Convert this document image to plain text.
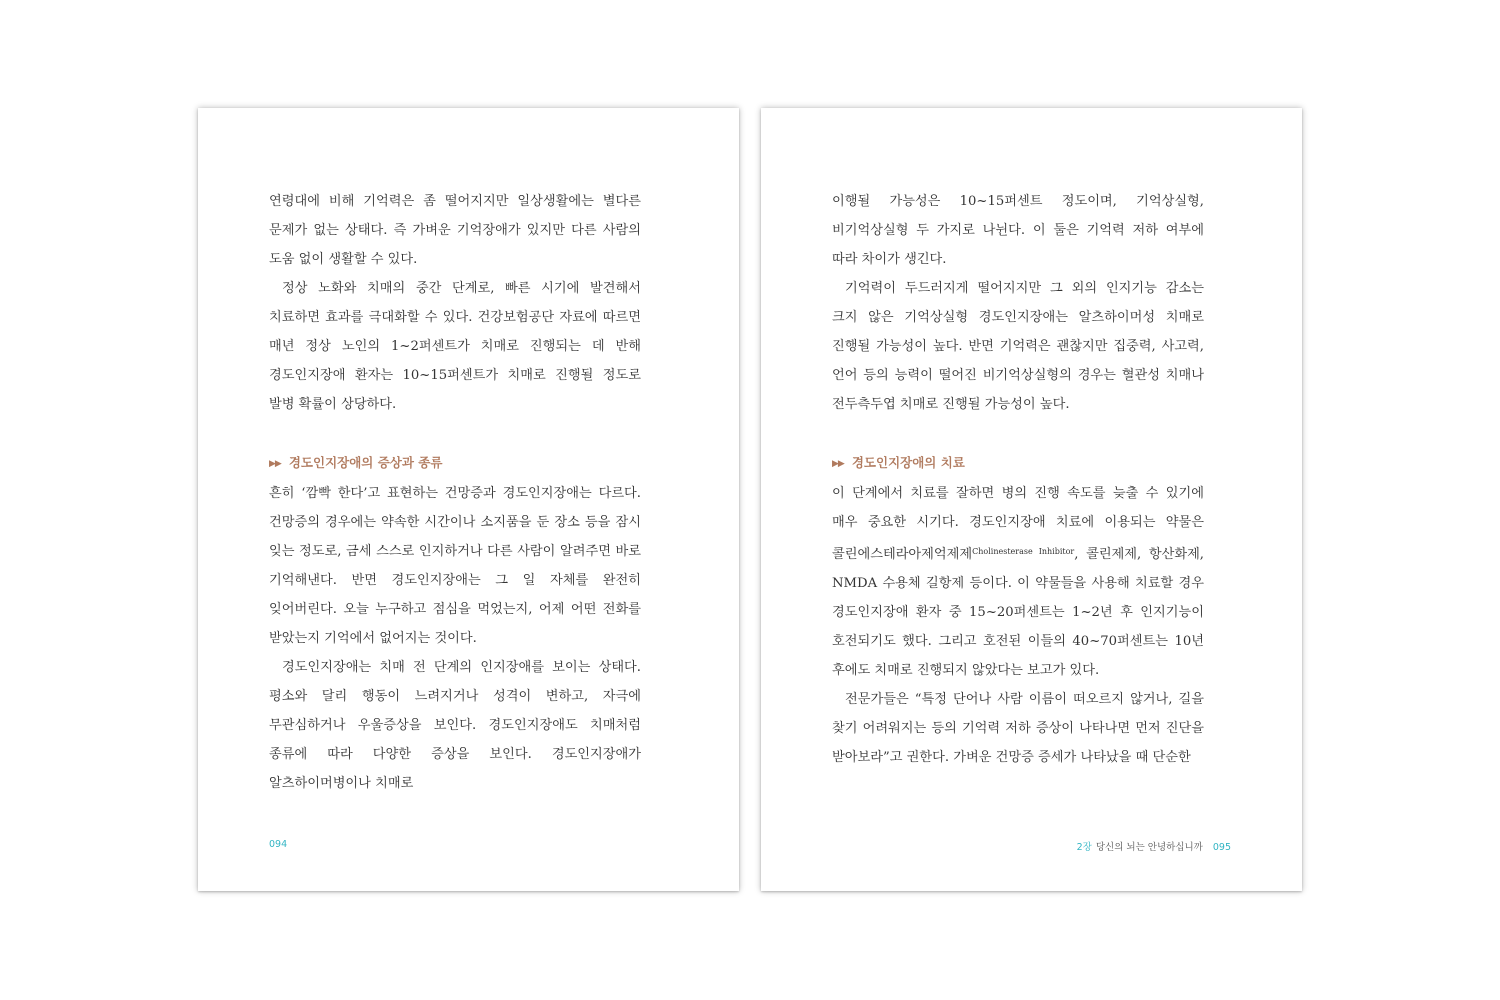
연령대에 비해 기억력은 좀 떨어지지만 일상생활에는 별다른 문제가 없는 상태다. 즉 가벼운 기억장애가 있지만 다른 사람의 도움 없이 생활할 수 있다.

정상 노화와 치매의 중간 단계로, 빠른 시기에 발견해서 치료하면 효과를 극대화할 수 있다. 건강보험공단 자료에 따르면 매년 정상 노인의 1~2퍼센트가 치매로 진행되는 데 반해 경도인지장애 환자는 10~15퍼센트가 치매로 진행될 정도로 발병 확률이 상당하다.

▶▶ 경도인지장애의 증상과 종류

흔히 ‘깜빡 한다’고 표현하는 건망증과 경도인지장애는 다르다. 건망증의 경우에는 약속한 시간이나 소지품을 둔 장소 등을 잠시 잊는 정도로, 금세 스스로 인지하거나 다른 사람이 알려주면 바로 기억해낸다. 반면 경도인지장애는 그 일 자체를 완전히 잊어버린다. 오늘 누구하고 점심을 먹었는지, 어제 어떤 전화를 받았는지 기억에서 없어지는 것이다.

경도인지장애는 치매 전 단계의 인지장애를 보이는 상태다. 평소와 달리 행동이 느려지거나 성격이 변하고, 자극에 무관심하거나 우울증상을 보인다. 경도인지장애도 치매처럼 종류에 따라 다양한 증상을 보인다. 경도인지장애가 알츠하이머병이나 치매로

094

이행될 가능성은 10~15퍼센트 정도이며, 기억상실형, 비기억상실형 두 가지로 나뉜다. 이 둘은 기억력 저하 여부에 따라 차이가 생긴다.

기억력이 두드러지게 떨어지지만 그 외의 인지기능 감소는 크지 않은 기억상실형 경도인지장애는 알츠하이머성 치매로 진행될 가능성이 높다. 반면 기억력은 괜찮지만 집중력, 사고력, 언어 등의 능력이 떨어진 비기억상실형의 경우는 혈관성 치매나 전두측두엽 치매로 진행될 가능성이 높다.

▶▶ 경도인지장애의 치료

이 단계에서 치료를 잘하면 병의 진행 속도를 늦출 수 있기에 매우 중요한 시기다. 경도인지장애 치료에 이용되는 약물은 콜린에스테라아제억제제$^{Cholinesterase Inhibitor}$, 콜린제제, 항산화제, NMDA 수용체 길항제 등이다. 이 약물들을 사용해 치료할 경우 경도인지장애 환자 중 15~20퍼센트는 1~2년 후 인지기능이 호전되기도 했다. 그리고 호전된 이들의 40~70퍼센트는 10년 후에도 치매로 진행되지 않았다는 보고가 있다.

전문가들은 “특정 단어나 사람 이름이 떠오르지 않거나, 길을 찾기 어려워지는 등의 기억력 저하 증상이 나타나면 먼저 진단을 받아보라”고 권한다. 가벼운 건망증 증세가 나타났을 때 단순한

2장 당신의 뇌는 안녕하십니까 095
